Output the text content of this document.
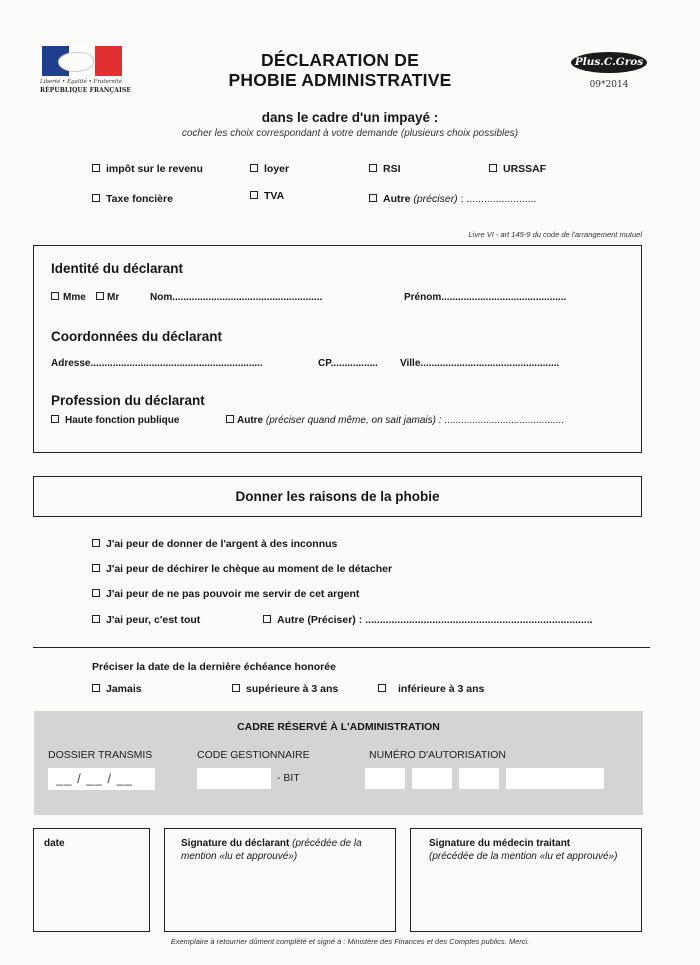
Liberté • Égalité • Fraternité
RÉPUBLIQUE FRANÇAISE
DÉCLARATION DE
PHOBIE ADMINISTRATIVE
Plus.C.Gros
09*2014
dans le cadre d'un impayé :
cocher les choix correspondant à votre demande (plusieurs choix possibles)
impôt sur le revenu	loyer	RSI	URSSAF
Taxe foncière	TVA	Autre (préciser) : ........................
Livre VI - art 145-9 du code de l'arrangement mutuel
Identité du déclarant
Mme	Mr	Nom......................................................	Prénom.............................................
Coordonnées du déclarant
Adresse..............................................................	CP................. Ville..................................................
Profession du déclarant
Haute fonction publique	Autre (préciser quand même, on sait jamais) : ...........................................
Donner les raisons de la phobie
J'ai peur de donner de l'argent à des inconnus
J'ai peur de déchirer le chèque au moment de le détacher
J'ai peur de ne pas pouvoir me servir de cet argent
J'ai peur, c'est tout	Autre (Préciser) : ..............................................................................
Préciser la date de la dernière échéance honorée
Jamais	supérieure à 3 ans	inférieure à 3 ans
CADRE RÉSERVÉ À L'ADMINISTRATION
DOSSIER TRANSMIS	CODE GESTIONNAIRE	NUMÉRO D'AUTORISATION
__ / __ / __	- BIT
date	Signature du déclarant (précédée de la
mention «lu et approuvé»)
Signature du médecin traitant
(précédée de la mention «lu et approuvé»)
Exemplaire à retourner dûment complété et signé à : Ministère des Finances et des Comptes publics. Merci.
